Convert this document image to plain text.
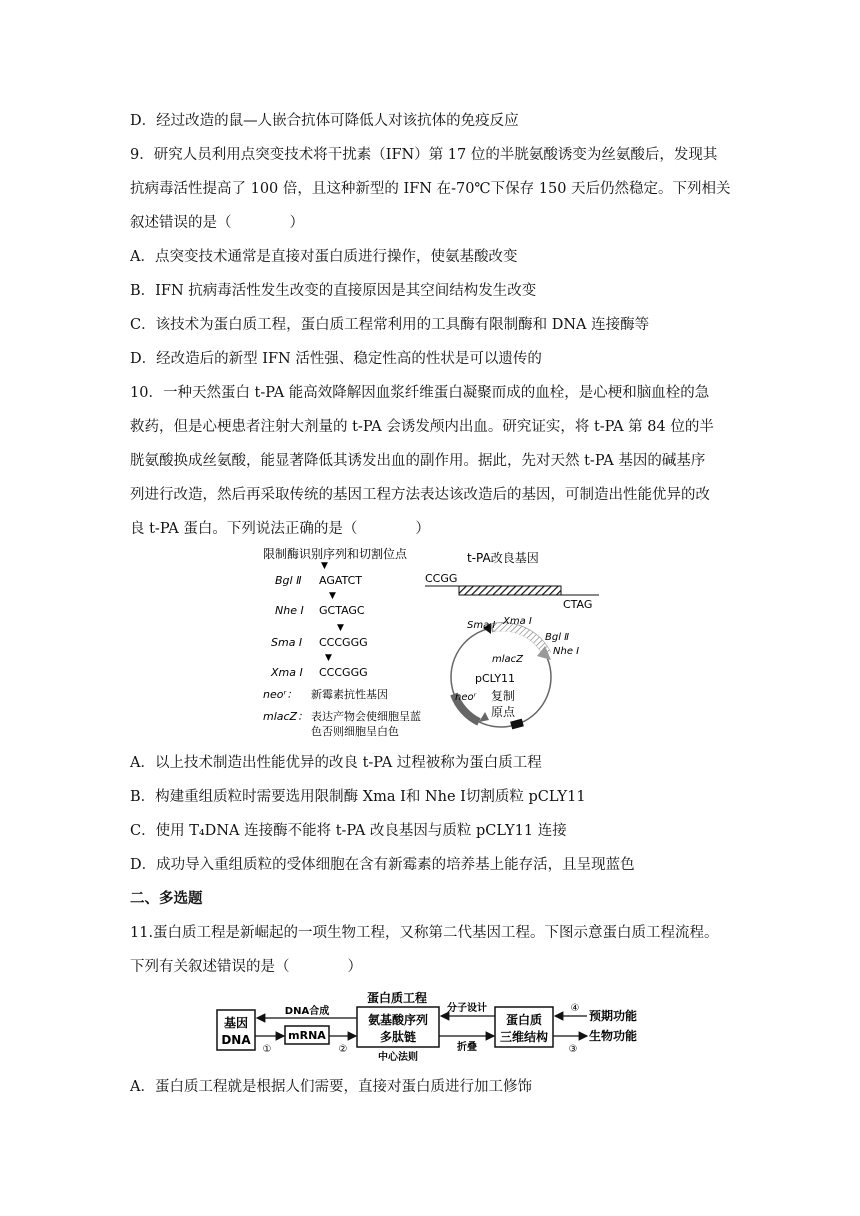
D．经过改造的鼠—人嵌合抗体可降低人对该抗体的免疫反应
9．研究人员利用点突变技术将干扰素（IFN）第 17 位的半胱氨酸诱变为丝氨酸后，发现其
抗病毒活性提高了 100 倍，且这种新型的 IFN 在-70℃下保存 150 天后仍然稳定。下列相关
叙述错误的是（　　　　）
A．点突变技术通常是直接对蛋白质进行操作，使氨基酸改变
B．IFN 抗病毒活性发生改变的直接原因是其空间结构发生改变
C．该技术为蛋白质工程，蛋白质工程常利用的工具酶有限制酶和 DNA 连接酶等
D．经改造后的新型 IFN 活性强、稳定性高的性状是可以遗传的
10．一种天然蛋白 t-PA 能高效降解因血浆纤维蛋白凝聚而成的血栓，是心梗和脑血栓的急
救药，但是心梗患者注射大剂量的 t-PA 会诱发颅内出血。研究证实，将 t-PA 第 84 位的半
胱氨酸换成丝氨酸，能显著降低其诱发出血的副作用。据此，先对天然 t-PA 基因的碱基序
列进行改造，然后再采取传统的基因工程方法表达该改造后的基因，可制造出性能优异的改
良 t-PA 蛋白。下列说法正确的是（　　　　）
限制酶识别序列和切割位点
Bgl Ⅱ
▼
AGATCT
Nhe Ⅰ
▼
GCTAGC
Sma Ⅰ
▼
CCCGGG
Xma Ⅰ
▼
CCCGGG
neoʳ： 新霉素抗性基因
mlacZ： 表达产物会使细胞呈蓝
色否则细胞呈白色
t-PA改良基因
CCGG
CTAG
Sma Ⅰ Xma Ⅰ
Bgl Ⅱ
Nhe Ⅰ
mlacZ
pCLY11
neoʳ 复制
原点
A．以上技术制造出性能优异的改良 t-PA 过程被称为蛋白质工程
B．构建重组质粒时需要选用限制酶 Xma Ⅰ和 Nhe Ⅰ切割质粒 pCLY11
C．使用 T₄DNA 连接酶不能将 t-PA 改良基因与质粒 pCLY11 连接
D．成功导入重组质粒的受体细胞在含有新霉素的培养基上能存活，且呈现蓝色
二、多选题
11.蛋白质工程是新崛起的一项生物工程，又称第二代基因工程。下图示意蛋白质工程流程。
下列有关叙述错误的是（　　　　）
基因
DNA	mRNA
蛋白质工程
氨基酸序列
多肽链
中心法则
蛋白质
三维结构
DNA合成
①	②
分子设计
折叠
④
预期功能
生物功能
③
A．蛋白质工程就是根据人们需要，直接对蛋白质进行加工修饰
